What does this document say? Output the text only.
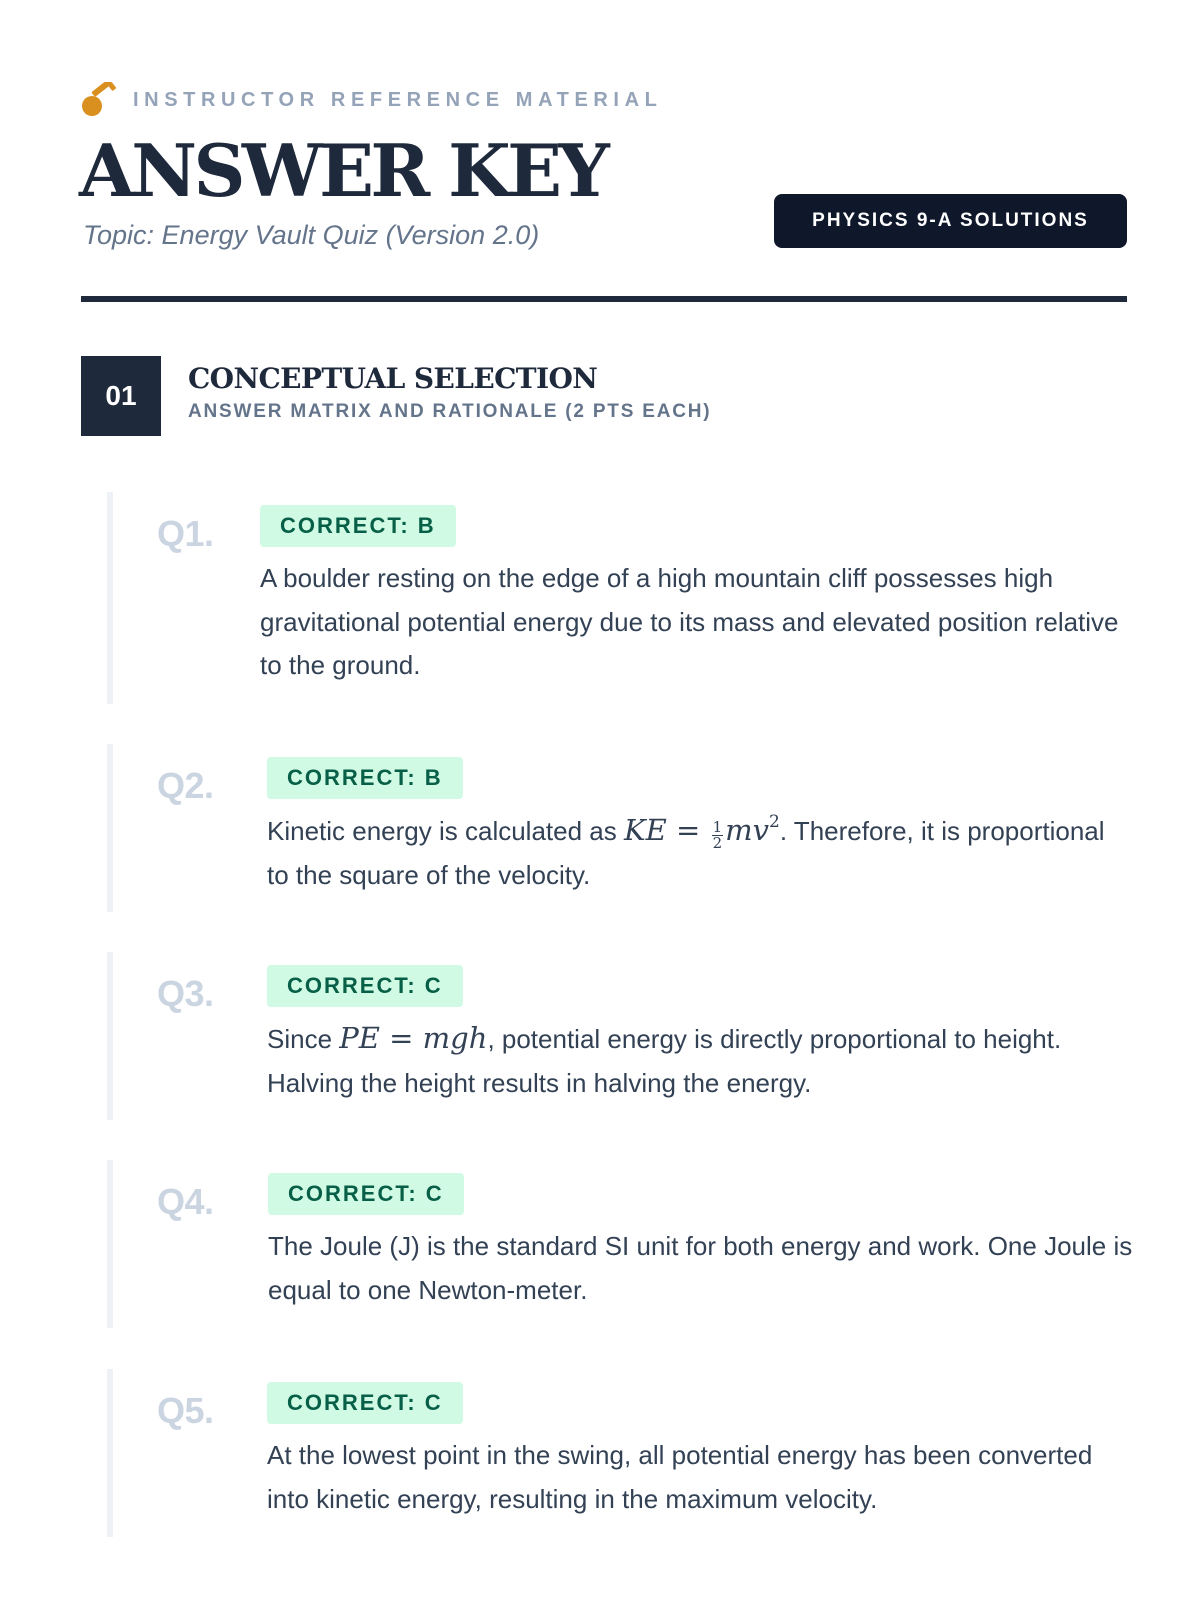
INSTRUCTOR REFERENCE MATERIAL
ANSWER KEY
Topic: Energy Vault Quiz (Version 2.0)	PHYSICS 9-A SOLUTIONS
01
CONCEPTUAL SELECTION
ANSWER MATRIX AND RATIONALE (2 PTS EACH)
Q1.	CORRECT: B
A boulder resting on the edge of a high mountain cliff possesses high gravitational potential energy due to its mass and elevated position relative to the ground.
Q2.	CORRECT: B
Kinetic energy is calculated as KE = $\frac{1}{2} mv^2$. Therefore, it is proportional to the square of the velocity.
Q3.	CORRECT: C
Since PE = mgh, potential energy is directly proportional to height. Halving the height results in halving the energy.
Q4.	CORRECT: C
The Joule (J) is the standard SI unit for both energy and work. One Joule is equal to one Newton-meter.
Q5.	CORRECT: C
At the lowest point in the swing, all potential energy has been converted into kinetic energy, resulting in the maximum velocity.
